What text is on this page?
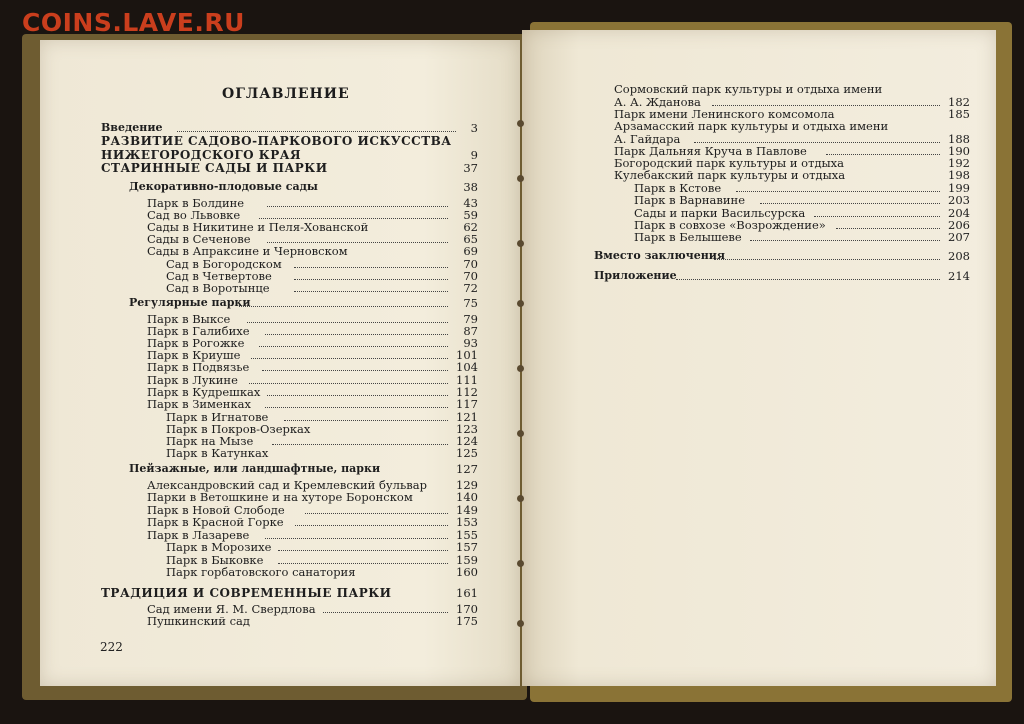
COINS.LAVE.RU
ОГЛАВЛЕНИЕ
Введение	3
РАЗВИТИЕ САДОВО-ПАРКОВОГО ИСКУССТВА
НИЖЕГОРОДСКОГО КРАЯ	9
СТАРИННЫЕ САДЫ И ПАРКИ	37
Декоративно-плодовые сады	38
Парк в Болдине	43
Сад во Львовке	59
Сады в Никитине и Пеля-Хованской	62
Сады в Сеченове	65
Сады в Апраксине и Черновском	69
Сад в Богородском	70
Сад в Четвертове	70
Сад в Воротынце	72
Регулярные парки	75
Парк в Выксе	79
Парк в Галибихе	87
Парк в Рогожке	93
Парк в Криуше	101
Парк в Подвязье	104
Парк в Лукине	111
Парк в Кудрешках	112
Парк в Зименках	117
Парк в Игнатове	121
Парк в Покров-Озерках	123
Парк на Мызе	124
Парк в Катунках	125
Пейзажные, или ландшафтные, парки	127
Александровский сад и Кремлевский бульвар	129
Парки в Ветошкине и на хуторе Боронском	140
Парк в Новой Слободе	149
Парк в Красной Горке	153
Парк в Лазареве	155
Парк в Морозихе	157
Парк в Быковке	159
Парк горбатовского санатория	160
ТРАДИЦИЯ И СОВРЕМЕННЫЕ ПАРКИ	161
Сад имени Я. М. Свердлова	170
Пушкинский сад	175
222
Сормовский парк культуры и отдыха имени
А. А. Жданова	182
Парк имени Ленинского комсомола	185
Арзамасский парк культуры и отдыха имени
А. Гайдара	188
Парк Дальняя Круча в Павлове	190
Богородский парк культуры и отдыха	192
Кулебакский парк культуры и отдыха	198
Парк в Кстове	199
Парк в Варнавине	203
Сады и парки Васильсурска	204
Парк в совхозе «Возрождение»	206
Парк в Белышеве	207
Вместо заключения	208
Приложение	214
